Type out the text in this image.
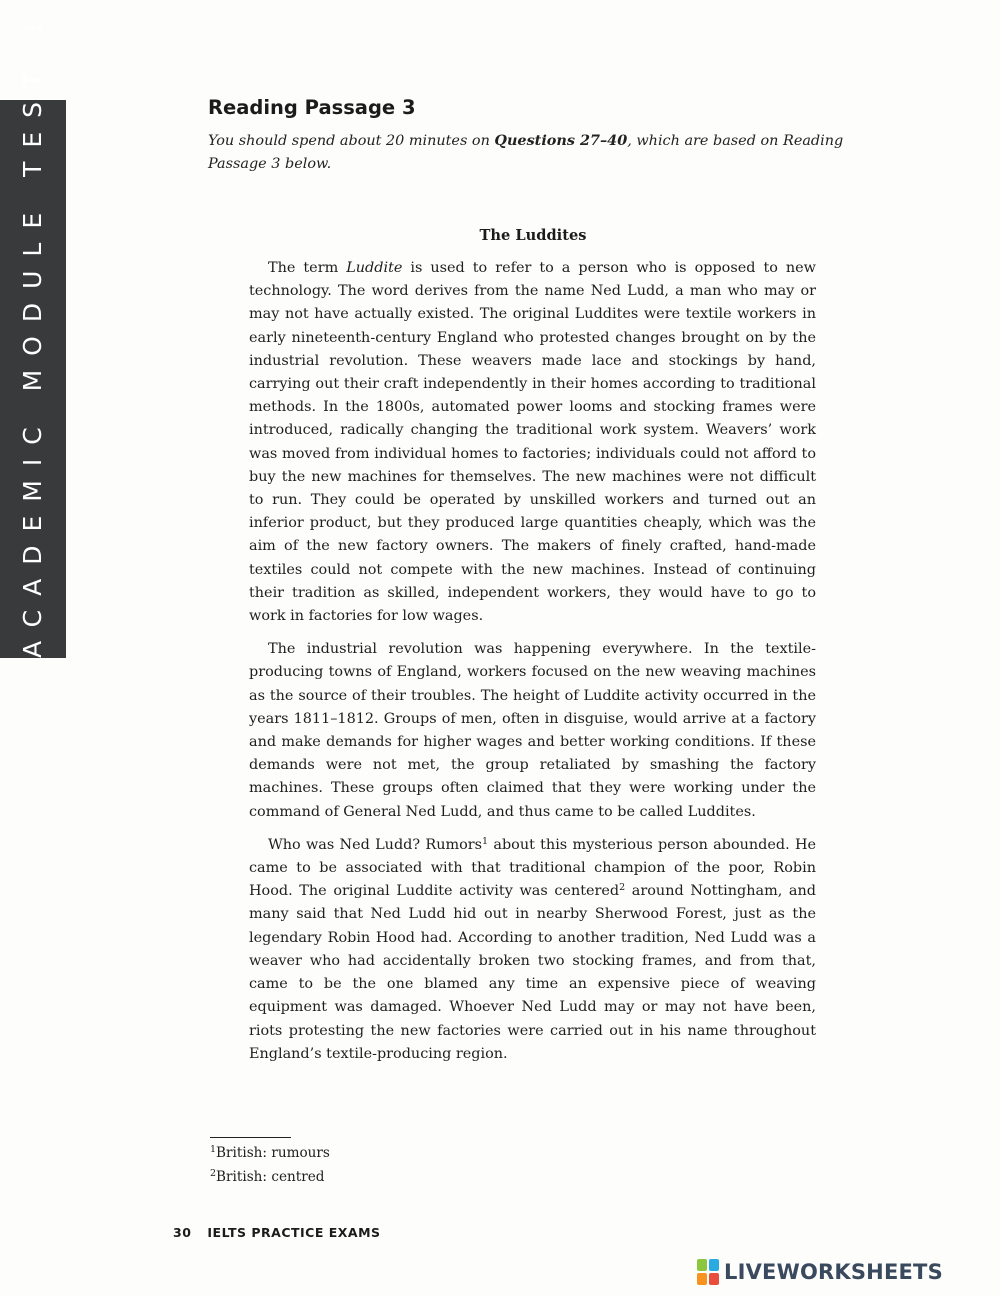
ACADEMIC MODULE TEST 1	Reading Passage 3

You should spend about 20 minutes on Questions 27–40, which are based on Reading Passage 3 below.

The Luddites

The term Luddite is used to refer to a person who is opposed to new technology. The word derives from the name Ned Ludd, a man who may or may not have actually existed. The original Luddites were textile workers in early nineteenth-century England who protested changes brought on by the industrial revolution. These weavers made lace and stockings by hand, carrying out their craft independently in their homes according to traditional methods. In the 1800s, automated power looms and stocking frames were introduced, radically changing the traditional work system. Weavers’ work was moved from individual homes to factories; individuals could not afford to buy the new machines for themselves. The new machines were not difficult to run. They could be operated by unskilled workers and turned out an inferior product, but they produced large quantities cheaply, which was the aim of the new factory owners. The makers of finely crafted, hand-made textiles could not compete with the new machines. Instead of continuing their tradition as skilled, independent workers, they would have to go to work in factories for low wages.

The industrial revolution was happening everywhere. In the textile-producing towns of England, workers focused on the new weaving machines as the source of their troubles. The height of Luddite activity occurred in the years 1811–1812. Groups of men, often in disguise, would arrive at a factory and make demands for higher wages and better working conditions. If these demands were not met, the group retaliated by smashing the factory machines. These groups often claimed that they were working under the command of General Ned Ludd, and thus came to be called Luddites.

Who was Ned Ludd? Rumors$^1$ about this mysterious person abounded. He came to be associated with that traditional champion of the poor, Robin Hood. The original Luddite activity was centered$^2$ around Nottingham, and many said that Ned Ludd hid out in nearby Sherwood Forest, just as the legendary Robin Hood had. According to another tradition, Ned Ludd was a weaver who had accidentally broken two stocking frames, and from that, came to be the one blamed any time an expensive piece of weaving equipment was damaged. Whoever Ned Ludd may or may not have been, riots protesting the new factories were carried out in his name throughout England’s textile-producing region.

$^1$British: rumours

$^2$British: centred

30 IELTS PRACTICE EXAMS
LIVEWORKSHEETS
